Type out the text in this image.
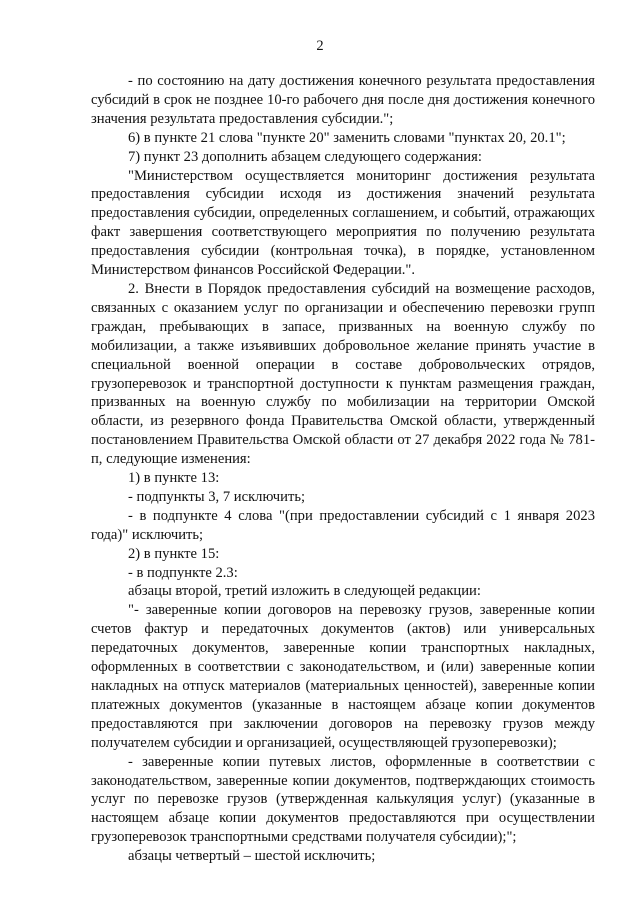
2

- по состоянию на дату достижения конечного результата предоставления субсидий в срок не позднее 10-го рабочего дня после дня достижения конечного значения результата предоставления субсидии.";

6) в пункте 21 слова "пункте 20" заменить словами "пунктах 20, 20.1";

7) пункт 23 дополнить абзацем следующего содержания:

"Министерством осуществляется мониторинг достижения результата предоставления субсидии исходя из достижения значений результата предоставления субсидии, определенных соглашением, и событий, отражающих факт завершения соответствующего мероприятия по получению результата предоставления субсидии (контрольная точка), в порядке, установленном Министерством финансов Российской Федерации.".

2. Внести в Порядок предоставления субсидий на возмещение расходов, связанных с оказанием услуг по организации и обеспечению перевозки групп граждан, пребывающих в запасе, призванных на военную службу по мобилизации, а также изъявивших добровольное желание принять участие в специальной военной операции в составе добровольческих отрядов, грузоперевозок и транспортной доступности к пунктам размещения граждан, призванных на военную службу по мобилизации на территории Омской области, из резервного фонда Правительства Омской области, утвержденный постановлением Правительства Омской области от 27 декабря 2022 года № 781-п, следующие изменения:

1) в пункте 13:

- подпункты 3, 7 исключить;

- в подпункте 4 слова "(при предоставлении субсидий с 1 января 2023 года)" исключить;

2) в пункте 15:

- в подпункте 2.3:

абзацы второй, третий изложить в следующей редакции:

"- заверенные копии договоров на перевозку грузов, заверенные копии счетов фактур и передаточных документов (актов) или универсальных передаточных документов, заверенные копии транспортных накладных, оформленных в соответствии с законодательством, и (или) заверенные копии накладных на отпуск материалов (материальных ценностей), заверенные копии платежных документов (указанные в настоящем абзаце копии документов предоставляются при заключении договоров на перевозку грузов между получателем субсидии и организацией, осуществляющей грузоперевозки);

- заверенные копии путевых листов, оформленные в соответствии с законодательством, заверенные копии документов, подтверждающих стоимость услуг по перевозке грузов (утвержденная калькуляция услуг) (указанные в настоящем абзаце копии документов предоставляются при осуществлении грузоперевозок транспортными средствами получателя субсидии);";

абзацы четвертый – шестой исключить;
